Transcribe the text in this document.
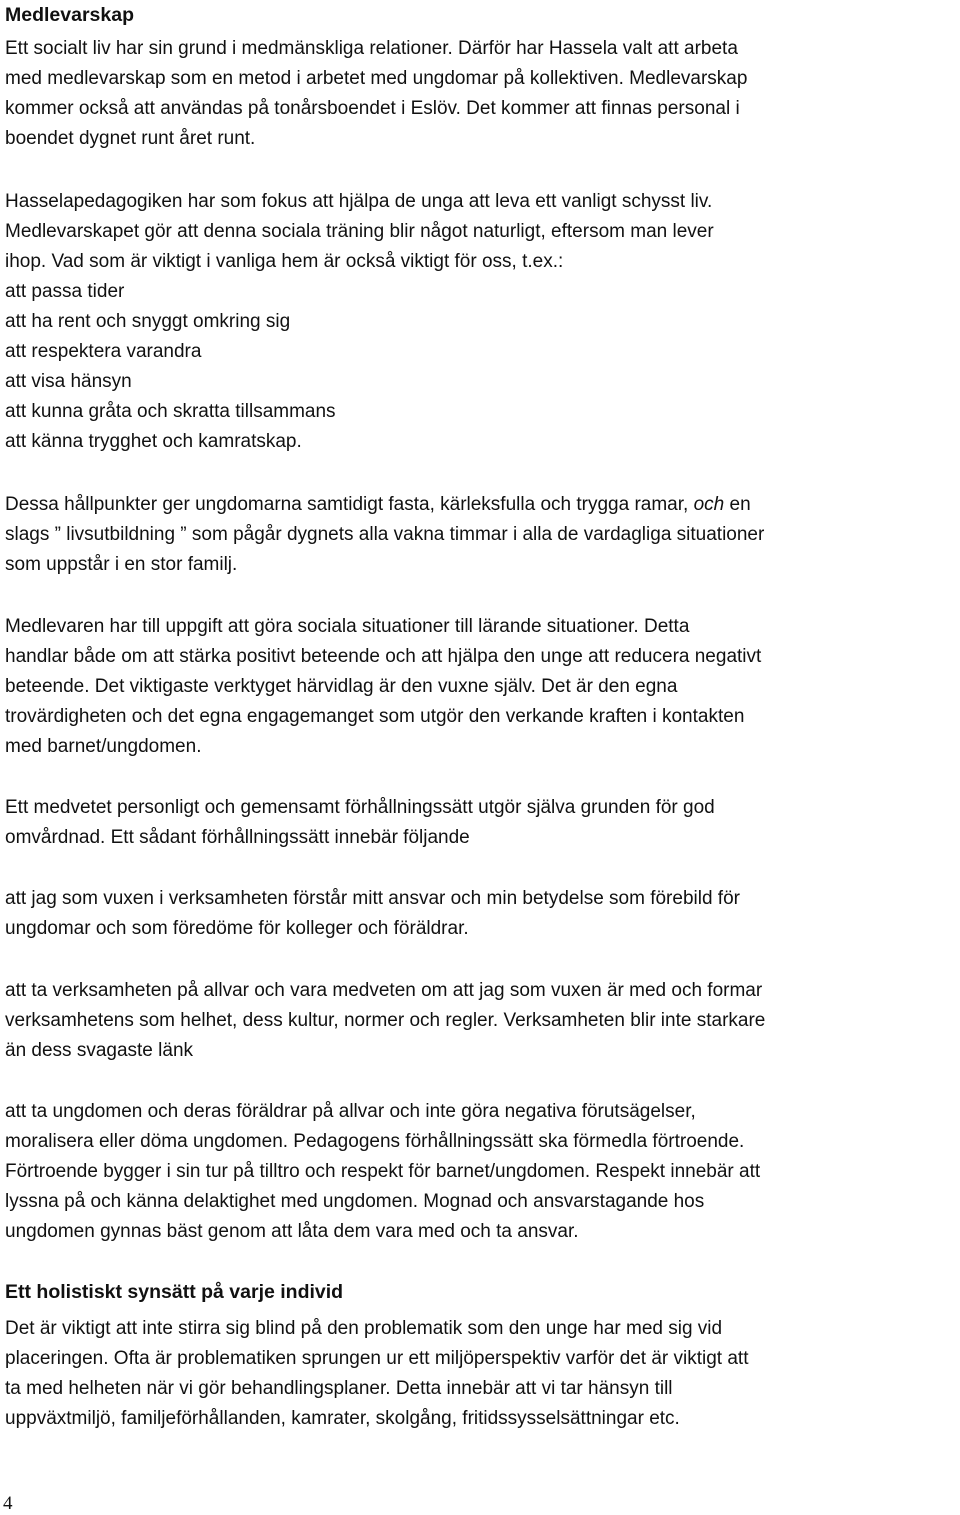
Medlevarskap

Ett socialt liv har sin grund i medmänskliga relationer. Därför har Hassela valt att arbeta
med medlevarskap som en metod i arbetet med ungdomar på kollektiven. Medlevarskap
kommer också att användas på tonårsboendet i Eslöv. Det kommer att finnas personal i
boendet dygnet runt året runt.

Hasselapedagogiken har som fokus att hjälpa de unga att leva ett vanligt schysst liv.
Medlevarskapet gör att denna sociala träning blir något naturligt, eftersom man lever
ihop. Vad som är viktigt i vanliga hem är också viktigt för oss, t.ex.:

att passa tider
att ha rent och snyggt omkring sig
att respektera varandra
att visa hänsyn
att kunna gråta och skratta tillsammans
att känna trygghet och kamratskap.

Dessa hållpunkter ger ungdomarna samtidigt fasta, kärleksfulla och trygga ramar, och en
slags ” livsutbildning ” som pågår dygnets alla vakna timmar i alla de vardagliga situationer
som uppstår i en stor familj.

Medlevaren har till uppgift att göra sociala situationer till lärande situationer. Detta
handlar både om att stärka positivt beteende och att hjälpa den unge att reducera negativt
beteende. Det viktigaste verktyget härvidlag är den vuxne själv. Det är den egna
trovärdigheten och det egna engagemanget som utgör den verkande kraften i kontakten
med barnet/ungdomen.

Ett medvetet personligt och gemensamt förhållningssätt utgör själva grunden för god
omvårdnad. Ett sådant förhållningssätt innebär följande

att jag som vuxen i verksamheten förstår mitt ansvar och min betydelse som förebild för
ungdomar och som föredöme för kolleger och föräldrar.

att ta verksamheten på allvar och vara medveten om att jag som vuxen är med och formar
verksamhetens som helhet, dess kultur, normer och regler. Verksamheten blir inte starkare
än dess svagaste länk

att ta ungdomen och deras föräldrar på allvar och inte göra negativa förutsägelser,
moralisera eller döma ungdomen. Pedagogens förhållningssätt ska förmedla förtroende.
Förtroende bygger i sin tur på tilltro och respekt för barnet/ungdomen. Respekt innebär att
lyssna på och känna delaktighet med ungdomen. Mognad och ansvarstagande hos
ungdomen gynnas bäst genom att låta dem vara med och ta ansvar.

Ett holistiskt synsätt på varje individ

Det är viktigt att inte stirra sig blind på den problematik som den unge har med sig vid
placeringen. Ofta är problematiken sprungen ur ett miljöperspektiv varför det är viktigt att
ta med helheten när vi gör behandlingsplaner. Detta innebär att vi tar hänsyn till
uppväxtmiljö, familjeförhållanden, kamrater, skolgång, fritidssysselsättningar etc.

4
